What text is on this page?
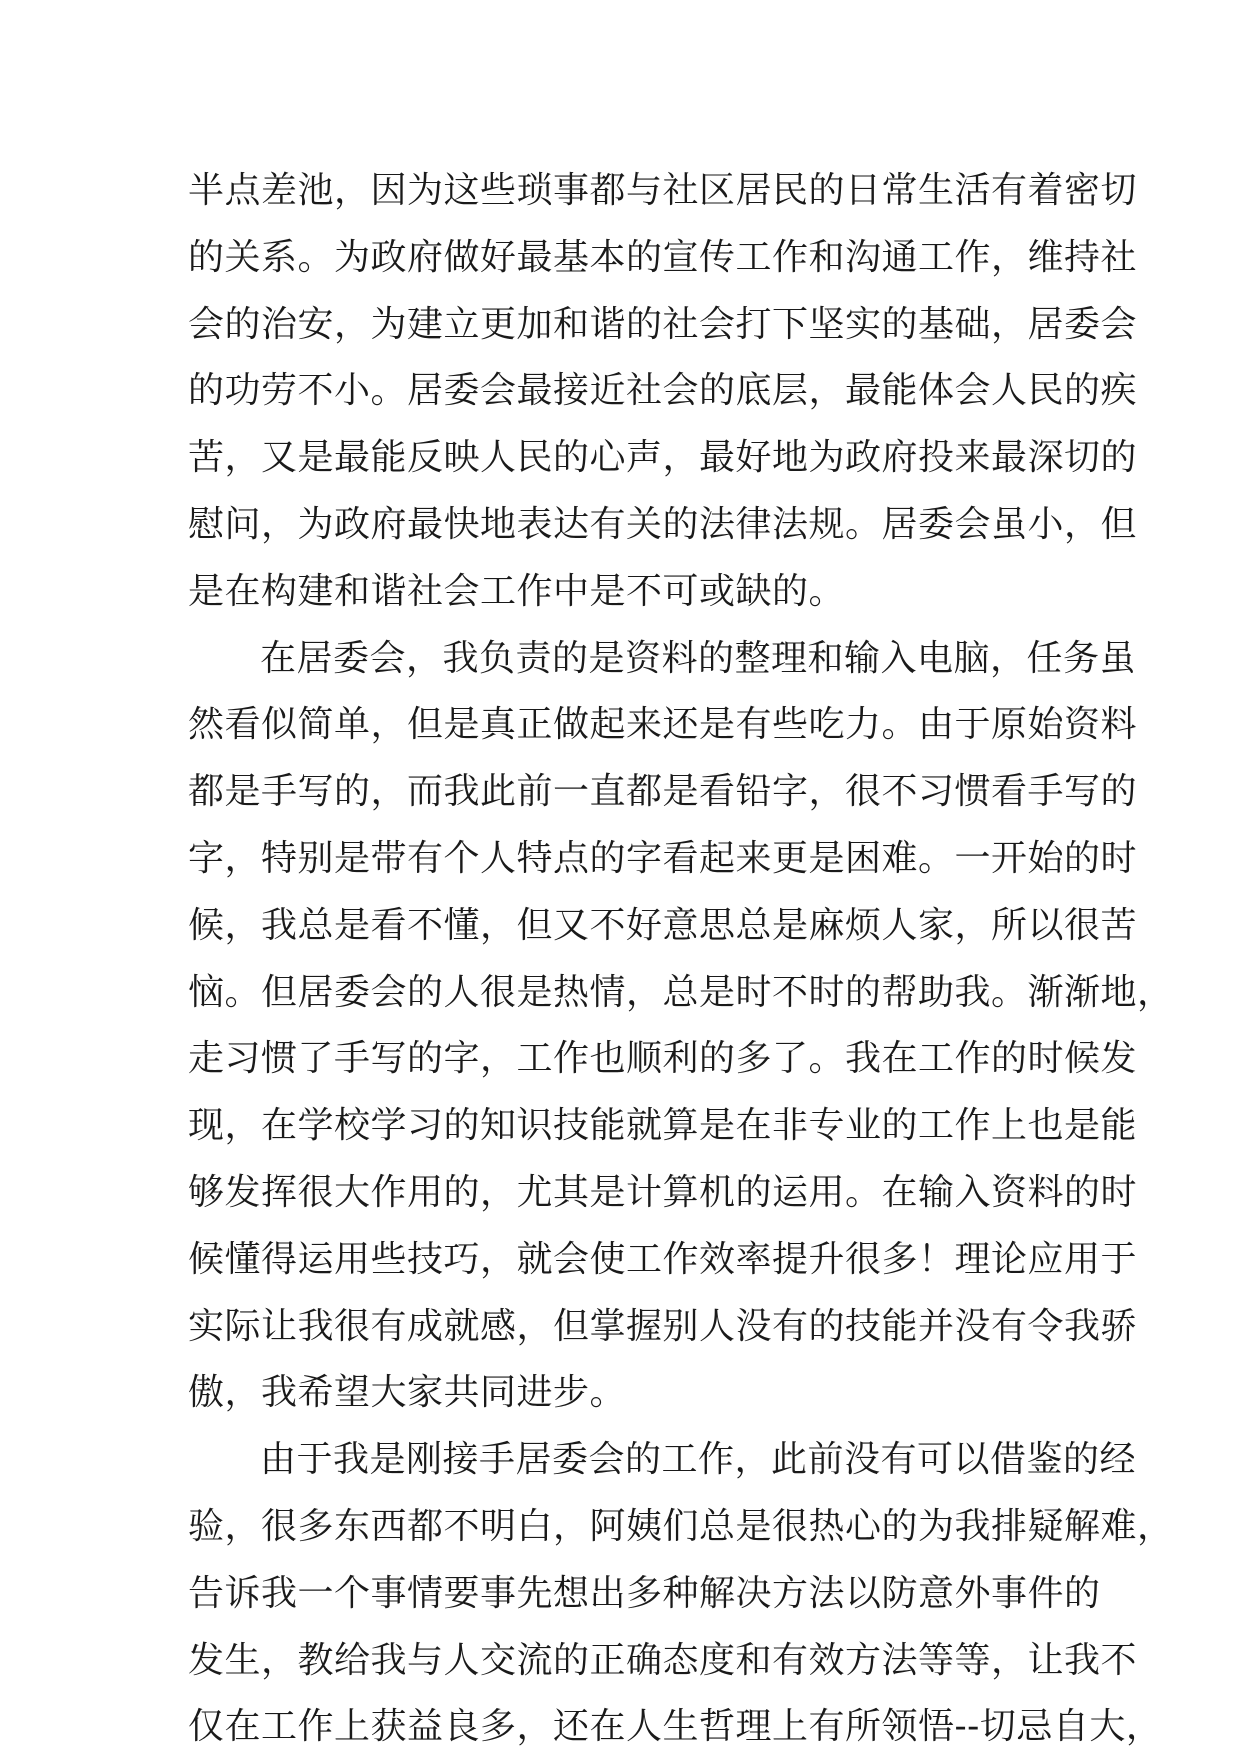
半点差池，因为这些琐事都与社区居民的日常生活有着密切
的关系。为政府做好最基本的宣传工作和沟通工作，维持社
会的治安，为建立更加和谐的社会打下坚实的基础，居委会
的功劳不小。居委会最接近社会的底层，最能体会人民的疾
苦，又是最能反映人民的心声，最好地为政府投来最深切的
慰问，为政府最快地表达有关的法律法规。居委会虽小，但
是在构建和谐社会工作中是不可或缺的。
在居委会，我负责的是资料的整理和输入电脑，任务虽
然看似简单，但是真正做起来还是有些吃力。由于原始资料
都是手写的，而我此前一直都是看铅字，很不习惯看手写的
字，特别是带有个人特点的字看起来更是困难。一开始的时
候，我总是看不懂，但又不好意思总是麻烦人家，所以很苦
恼。但居委会的人很是热情，总是时不时的帮助我。渐渐地，
走习惯了手写的字，工作也顺利的多了。我在工作的时候发
现，在学校学习的知识技能就算是在非专业的工作上也是能
够发挥很大作用的，尤其是计算机的运用。在输入资料的时
候懂得运用些技巧，就会使工作效率提升很多！理论应用于
实际让我很有成就感，但掌握别人没有的技能并没有令我骄
傲，我希望大家共同进步。
由于我是刚接手居委会的工作，此前没有可以借鉴的经
验，很多东西都不明白，阿姨们总是很热心的为我排疑解难，
告诉我一个事情要事先想出多种解决方法以防意外事件的
发生，教给我与人交流的正确态度和有效方法等等，让我不
仅在工作上获益良多，还在人生哲理上有所领悟--切忌自大，
